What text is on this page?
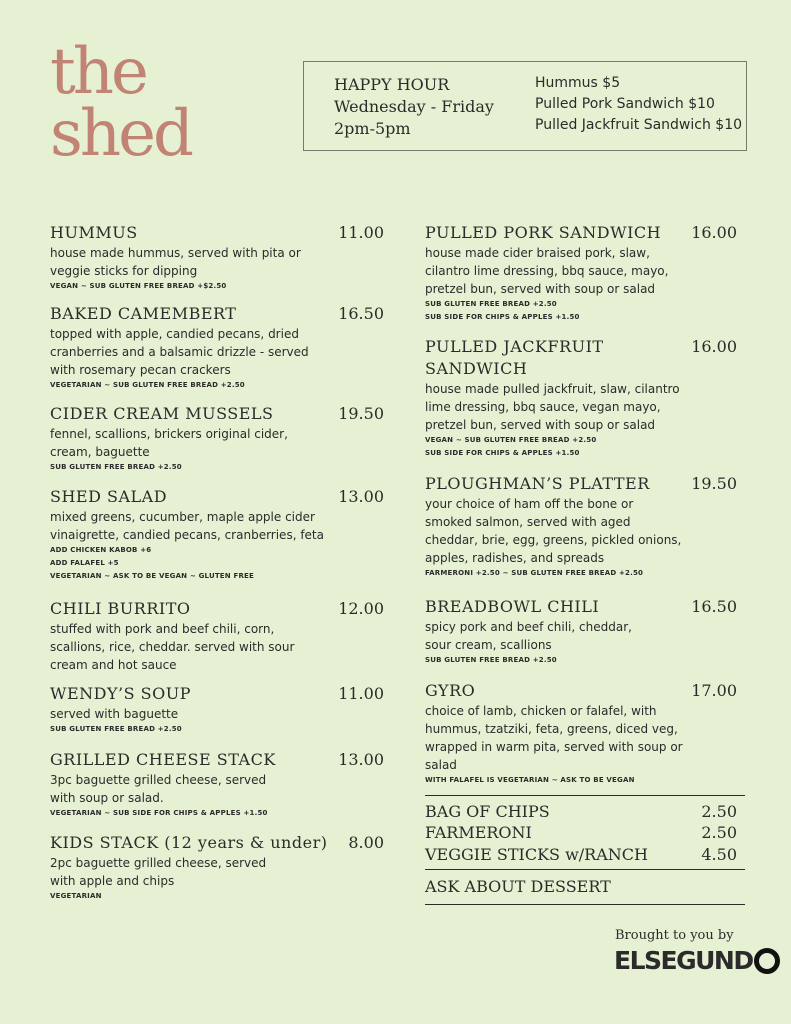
the
shed
HAPPY HOUR
Wednesday - Friday
2pm-5pm
Hummus $5
Pulled Pork Sandwich $10
Pulled Jackfruit Sandwich $10
HUMMUS	11.00
house made hummus, served with pita or veggie sticks for dipping
VEGAN ~ SUB GLUTEN FREE BREAD +$2.50
BAKED CAMEMBERT	16.50
topped with apple, candied pecans, dried cranberries and a balsamic drizzle - served with rosemary pecan crackers
VEGETARIAN ~ SUB GLUTEN FREE BREAD +2.50
CIDER CREAM MUSSELS	19.50
fennel, scallions, brickers original cider, cream, baguette
SUB GLUTEN FREE BREAD +2.50
SHED SALAD	13.00
mixed greens, cucumber, maple apple cider vinaigrette, candied pecans, cranberries, feta
ADD CHICKEN KABOB +6
ADD FALAFEL +5
VEGETARIAN ~ ASK TO BE VEGAN ~ GLUTEN FREE
CHILI BURRITO	12.00
stuffed with pork and beef chili, corn, scallions, rice, cheddar. served with sour cream and hot sauce
WENDY’S SOUP	11.00
served with baguette
SUB GLUTEN FREE BREAD +2.50
GRILLED CHEESE STACK	13.00
3pc baguette grilled cheese, served with soup or salad.
VEGETARIAN ~ SUB SIDE FOR CHIPS & APPLES +1.50
KIDS STACK (12 years & under)	8.00
2pc baguette grilled cheese, served with apple and chips
VEGETARIAN
PULLED PORK SANDWICH	16.00
house made cider braised pork, slaw, cilantro lime dressing, bbq sauce, mayo, pretzel bun, served with soup or salad
SUB GLUTEN FREE BREAD +2.50
SUB SIDE FOR CHIPS & APPLES +1.50
PULLED JACKFRUIT SANDWICH
16.00
house made pulled jackfruit, slaw, cilantro lime dressing, bbq sauce, vegan mayo, pretzel bun, served with soup or salad
VEGAN ~ SUB GLUTEN FREE BREAD +2.50
SUB SIDE FOR CHIPS & APPLES +1.50
PLOUGHMAN’S PLATTER	19.50
your choice of ham off the bone or smoked salmon, served with aged cheddar, brie, egg, greens, pickled onions, apples, radishes, and spreads
FARMERONI +2.50 ~ SUB GLUTEN FREE BREAD +2.50
BREADBOWL CHILI	16.50
spicy pork and beef chili, cheddar, sour cream, scallions
SUB GLUTEN FREE BREAD +2.50
GYRO	17.00
choice of lamb, chicken or falafel, with hummus, tzatziki, feta, greens, diced veg, wrapped in warm pita, served with soup or salad
WITH FALAFEL IS VEGETARIAN ~ ASK TO BE VEGAN
BAG OF CHIPS	2.50
FARMERONI	2.50
VEGGIE STICKS w/RANCH	4.50
ASK ABOUT DESSERT
Brought to you by
ELSEGUND
